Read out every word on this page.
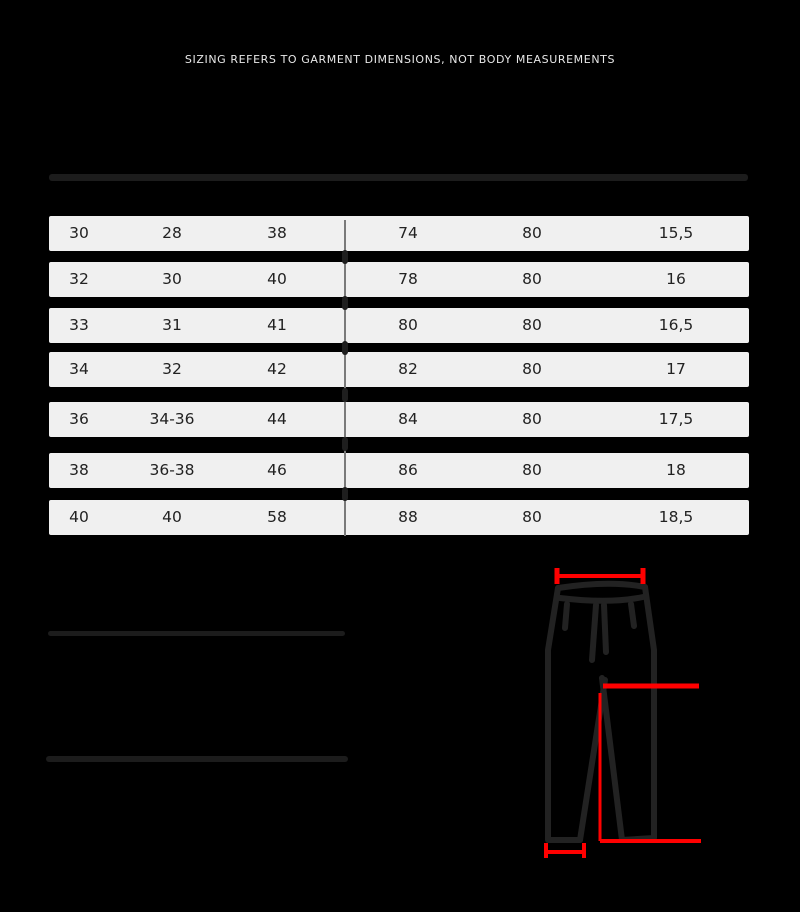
SIZING REFERS TO GARMENT DIMENSIONS, NOT BODY MEASUREMENTS
30	28	38	74	80	15,5
32	30	40	78	80	16
33	31	41	80	80	16,5
34	32	42	82	80	17
36	34-36	44	84	80	17,5
38	36-38	46	86	80	18
40	40	58	88	80	18,5
